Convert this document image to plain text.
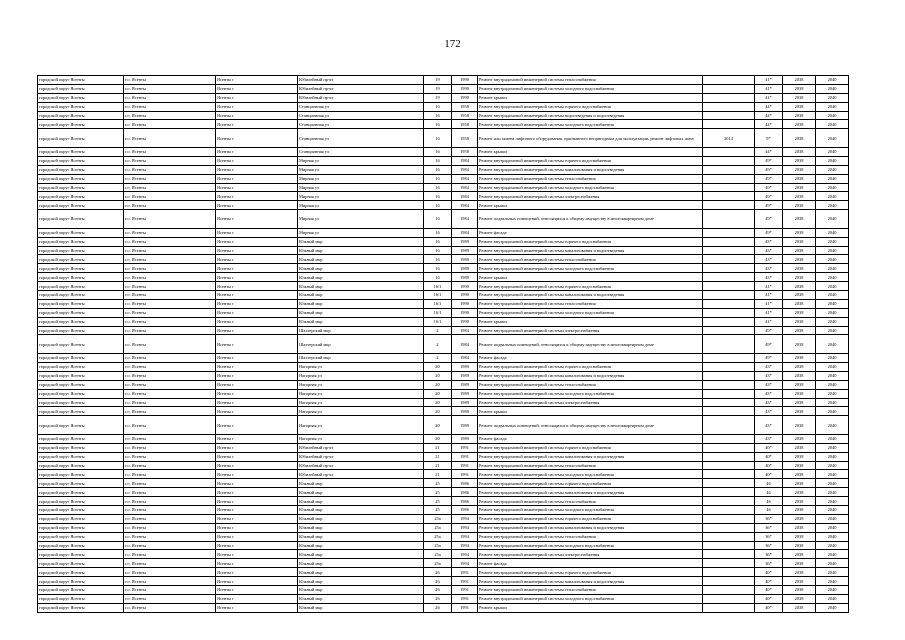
172
городской округ Ясенты	г.о. Ясенты	Ясенты г	Юбилейный пр-кт	19	1990	Ремонт внутридомовой инженерной системы теплоснабжения		41*	2038	2040
городской округ Ясенты	г.о. Ясенты	Ясенты г	Юбилейный пр-кт	19	1990	Ремонт внутридомовой инженерной системы холодного водоснабжения		41*	2038	2040
городской округ Ясенты	г.о. Ясенты	Ясенты г	Юбилейный пр-кт	19	1990	Ремонт крыши		41*	2038	2040
городской округ Ясенты	г.о. Ясенты	Ясенты г	Станционная ул	16	1958	Ремонт внутридомовой инженерной системы горячего водоснабжения		44*	2038	2040
городской округ Ясенты	г.о. Ясенты	Ясенты г	Станционная ул	16	1958	Ремонт внутридомовой инженерной системы водоотведения и водоотведения		44*	2038	2040
городской округ Ясенты	г.о. Ясенты	Ясенты г	Станционная ул	16	1958	Ремонт внутридомовой инженерной системы холодного водоснабжения		44*	2038	2040
городской округ Ясенты	г.о. Ясенты	Ясенты г	Станционная ул	16	1958	Ремонт или замена лифтового оборудования, признанного непригодным для эксплуатации, ремонт лифтовых шахт	2014	9*	2038	2040
городской округ Ясенты	г.о. Ясенты	Ясенты г	Станционная ул	16	1958	Ремонт крыши		44*	2038	2040
городской округ Ясенты	г.о. Ясенты	Ясенты г	Мирная ул	16	1984	Ремонт внутридомовой инженерной системы горячего водоснабжения		49*	2038	2040
городской округ Ясенты	г.о. Ясенты	Ясенты г	Мирная ул	16	1984	Ремонт внутридомовой инженерной системы канализования и водоотведения		49*	2038	2040
городской округ Ясенты	г.о. Ясенты	Ясенты г	Мирная ул	16	1984	Ремонт внутридомовой инженерной системы теплоснабжения		49*	2038	2040
городской округ Ясенты	г.о. Ясенты	Ясенты г	Мирная ул	16	1984	Ремонт внутридомовой инженерной системы холодного водоснабжения		49*	2038	2040
городской округ Ясенты	г.о. Ясенты	Ясенты г	Мирная ул	16	1984	Ремонт внутридомовой инженерной системы электроснабжения		49*	2038	2040
городской округ Ясенты	г.о. Ясенты	Ясенты г	Мирная ул	16	1984	Ремонт крыши		49*	2038	2040
городской округ Ясенты	г.о. Ясенты	Ясенты г	Мирная ул	16	1984	Ремонт подвальных помещений, относящихся к общему имуществу в многоквартирном доме		49*	2038	2040
городской округ Ясенты	г.о. Ясенты	Ясенты г	Мирная ул	16	1984	Ремонт фасада		49*	2038	2040
городской округ Ясенты	г.о. Ясенты	Ясенты г	Южный мкр	16	1989	Ремонт внутридомовой инженерной системы горячего водоснабжения		43*	2038	2040
городской округ Ясенты	г.о. Ясенты	Ясенты г	Южный мкр	16	1989	Ремонт внутридомовой инженерной системы канализования и водоотведения		43*	2038	2040
городской округ Ясенты	г.о. Ясенты	Ясенты г	Южный мкр	16	1989	Ремонт внутридомовой инженерной системы теплоснабжения		43*	2038	2040
городской округ Ясенты	г.о. Ясенты	Ясенты г	Южный мкр	16	1989	Ремонт внутридомовой инженерной системы холодного водоснабжения		43*	2038	2040
городской округ Ясенты	г.о. Ясенты	Ясенты г	Южный мкр	16	1989	Ремонт крыши		43*	2038	2040
городской округ Ясенты	г.о. Ясенты	Ясенты г	Южный мкр	16/1	1990	Ремонт внутридомовой инженерной системы горячего водоснабжения		41*	2038	2040
городской округ Ясенты	г.о. Ясенты	Ясенты г	Южный мкр	16/1	1990	Ремонт внутридомовой инженерной системы канализования и водоотведения		41*	2038	2040
городской округ Ясенты	г.о. Ясенты	Ясенты г	Южный мкр	16/1	1990	Ремонт внутридомовой инженерной системы теплоснабжения		41*	2038	2040
городской округ Ясенты	г.о. Ясенты	Ясенты г	Южный мкр	16/1	1990	Ремонт внутридомовой инженерной системы холодного водоснабжения		41*	2038	2040
городской округ Ясенты	г.о. Ясенты	Ясенты г	Южный мкр	16/1	1990	Ремонт крыши		41*	2038	2040
городской округ Ясенты	г.о. Ясенты	Ясенты г	Шахтерский мкр	2	1984	Ремонт внутридомовой инженерной системы электроснабжения		49*	2038	2040
городской округ Ясенты	г.о. Ясенты	Ясенты г	Шахтерский мкр	2	1984	Ремонт подвальных помещений, относящихся к общему имуществу в многоквартирном доме		49*	2038	2040
городской округ Ясенты	г.о. Ясенты	Ясенты г	Шахтерский мкр	2	1984	Ремонт фасада		49*	2038	2040
городской округ Ясенты	г.о. Ясенты	Ясенты г	Нагорная ул	20	1989	Ремонт внутридомовой инженерной системы горячего водоснабжения		43*	2038	2040
городской округ Ясенты	г.о. Ясенты	Ясенты г	Нагорная ул	20	1989	Ремонт внутридомовой инженерной системы канализования и водоотведения		43*	2038	2040
городской округ Ясенты	г.о. Ясенты	Ясенты г	Нагорная ул	20	1989	Ремонт внутридомовой инженерной системы теплоснабжения		43*	2038	2040
городской округ Ясенты	г.о. Ясенты	Ясенты г	Нагорная ул	20	1989	Ремонт внутридомовой инженерной системы холодного водоснабжения		43*	2038	2040
городской округ Ясенты	г.о. Ясенты	Ясенты г	Нагорная ул	20	1989	Ремонт внутридомовой инженерной системы электроснабжения		43*	2038	2040
городской округ Ясенты	г.о. Ясенты	Ясенты г	Нагорная ул	20	1989	Ремонт крыши		43*	2038	2040
городской округ Ясенты	г.о. Ясенты	Ясенты г	Нагорная ул	20	1989	Ремонт подвальных помещений, относящихся к общему имуществу в многоквартирном доме		43*	2038	2040
городской округ Ясенты	г.о. Ясенты	Ясенты г	Нагорная ул	20	1989	Ремонт фасада		43*	2038	2040
городской округ Ясенты	г.о. Ясенты	Ясенты г	Юбилейный пр-кт	21	1991	Ремонт внутридомовой инженерной системы горячего водоснабжения		40*	2038	2040
городской округ Ясенты	г.о. Ясенты	Ясенты г	Юбилейный пр-кт	21	1991	Ремонт внутридомовой инженерной системы канализования и водоотведения		40*	2038	2040
городской округ Ясенты	г.о. Ясенты	Ясенты г	Юбилейный пр-кт	21	1991	Ремонт внутридомовой инженерной системы теплоснабжения		40*	2038	2040
городской округ Ясенты	г.о. Ясенты	Ясенты г	Юбилейный пр-кт	21	1991	Ремонт внутридомовой инженерной системы холодного водоснабжения		40*	2038	2040
городской округ Ясенты	г.о. Ясенты	Ясенты г	Южный мкр	25	1986	Ремонт внутридомовой инженерной системы горячего водоснабжения		46	2038	2040
городской округ Ясенты	г.о. Ясенты	Ясенты г	Южный мкр	25	1986	Ремонт внутридомовой инженерной системы канализования и водоотведения		46	2038	2040
городской округ Ясенты	г.о. Ясенты	Ясенты г	Южный мкр	25	1986	Ремонт внутридомовой инженерной системы теплоснабжения		46	2038	2040
городской округ Ясенты	г.о. Ясенты	Ясенты г	Южный мкр	25	1986	Ремонт внутридомовой инженерной системы холодного водоснабжения		46	2038	2040
городской округ Ясенты	г.о. Ясенты	Ясенты г	Южный мкр	25а	1994	Ремонт внутридомовой инженерной системы горячего водоснабжения		36*	2038	2040
городской округ Ясенты	г.о. Ясенты	Ясенты г	Южный мкр	25а	1994	Ремонт внутридомовой инженерной системы канализования и водоотведения		36*	2038	2040
городской округ Ясенты	г.о. Ясенты	Ясенты г	Южный мкр	25а	1994	Ремонт внутридомовой инженерной системы теплоснабжения		36*	2038	2040
городской округ Ясенты	г.о. Ясенты	Ясенты г	Южный мкр	25а	1994	Ремонт внутридомовой инженерной системы холодного водоснабжения		36*	2038	2040
городской округ Ясенты	г.о. Ясенты	Ясенты г	Южный мкр	25а	1994	Ремонт внутридомовой инженерной системы электроснабжения		36*	2038	2040
городской округ Ясенты	г.о. Ясенты	Ясенты г	Южный мкр	25а	1994	Ремонт фасада		36*	2038	2040
городской округ Ясенты	г.о. Ясенты	Ясенты г	Южный мкр	26	1991	Ремонт внутридомовой инженерной системы горячего водоснабжения		40*	2038	2040
городской округ Ясенты	г.о. Ясенты	Ясенты г	Южный мкр	26	1991	Ремонт внутридомовой инженерной системы канализования и водоотведения		40*	2038	2040
городской округ Ясенты	г.о. Ясенты	Ясенты г	Южный мкр	26	1991	Ремонт внутридомовой инженерной системы теплоснабжения		40*	2038	2040
городской округ Ясенты	г.о. Ясенты	Ясенты г	Южный мкр	26	1991	Ремонт внутридомовой инженерной системы холодного водоснабжения		40*	2038	2040
городской округ Ясенты	г.о. Ясенты	Ясенты г	Южный мкр	26	1991	Ремонт крыши		40*	2038	2040
